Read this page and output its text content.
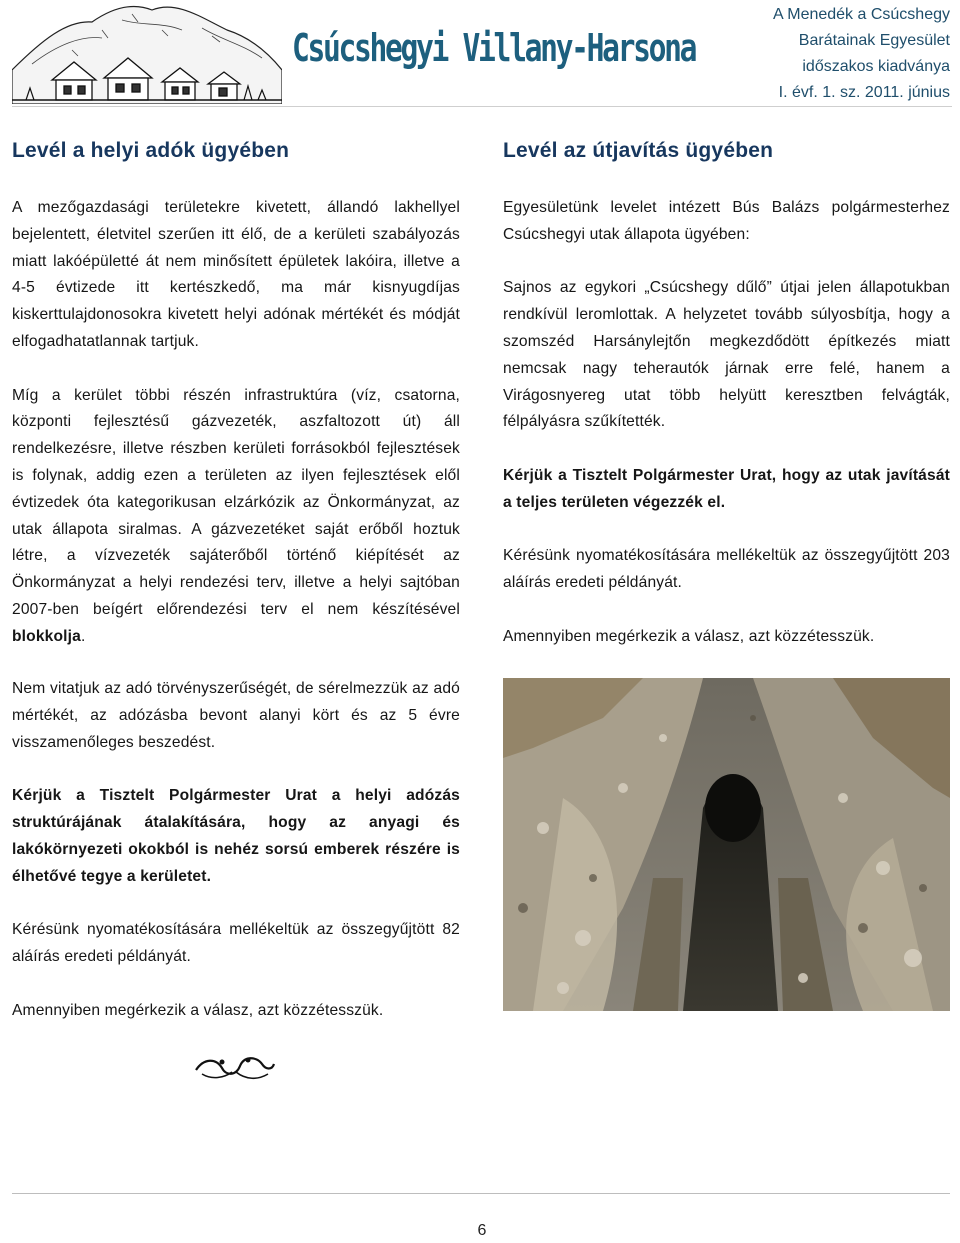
Csúcshegyi Villany-Harsona
A Menedék a Csúcshegy
Barátainak Egyesület
időszakos kiadványa
I. évf. 1. sz. 2011. június
Levél a helyi adók ügyében

A mezőgazdasági területekre kivetett, állandó lakhellyel bejelentett, életvitel szerűen itt élő, de a kerületi szabályozás miatt lakóépületté át nem minősített épületek lakóira, illetve a 4-5 évtizede itt kertészkedő, ma már kisnyugdíjas kiskerttulajdonosokra kivetett helyi adónak mértékét és módját elfogadhatatlannak tartjuk.

Míg a kerület többi részén infrastruktúra (víz, csatorna, központi fejlesztésű gázvezeték, aszfaltozott út) áll rendelkezésre, illetve részben kerületi forrásokból fejlesztések is folynak, addig ezen a területen az ilyen fejlesztések elől évtizedek óta kategorikusan elzárkózik az Önkormányzat, az utak állapota siralmas. A gázvezetéket saját erőből hoztuk létre, a vízvezeték sajáterőből történő kiépítését az Önkormányzat a helyi rendezési terv, illetve a helyi sajtóban 2007-ben beígért előrendezési terv el nem készítésével blokkolja.

Nem vitatjuk az adó törvényszerűségét, de sérelmezzük az adó mértékét, az adózásba bevont alanyi kört és az 5 évre visszamenőleges beszedést.

Kérjük a Tisztelt Polgármester Urat a helyi adózás struktúrájának átalakítására, hogy az anyagi és lakókörnyezeti okokból is nehéz sorsú emberek részére is élhetővé tegye a kerületet.

Kérésünk nyomatékosítására mellékeltük az összegyűjtött 82 aláírás eredeti példányát.

Amennyiben megérkezik a válasz, azt közzétesszük.

Levél az útjavítás ügyében

Egyesületünk levelet intézett Bús Balázs polgármesterhez Csúcshegyi utak állapota ügyében:

Sajnos az egykori „Csúcshegy dűlő” útjai jelen állapotukban rendkívül leromlottak. A helyzetet tovább súlyosbítja, hogy a szomszéd Harsánylejtőn megkezdődött építkezés miatt nemcsak nagy teherautók járnak erre felé, hanem a Virágosnyereg utat több helyütt keresztben felvágták, félpályásra szűkítették.

Kérjük a Tisztelt Polgármester Urat, hogy az utak javítását a teljes területen végezzék el.

Kérésünk nyomatékosítására mellékeltük az összegyűjtött 203 aláírás eredeti példányát.

Amennyiben megérkezik a válasz, azt közzétesszük.

6
